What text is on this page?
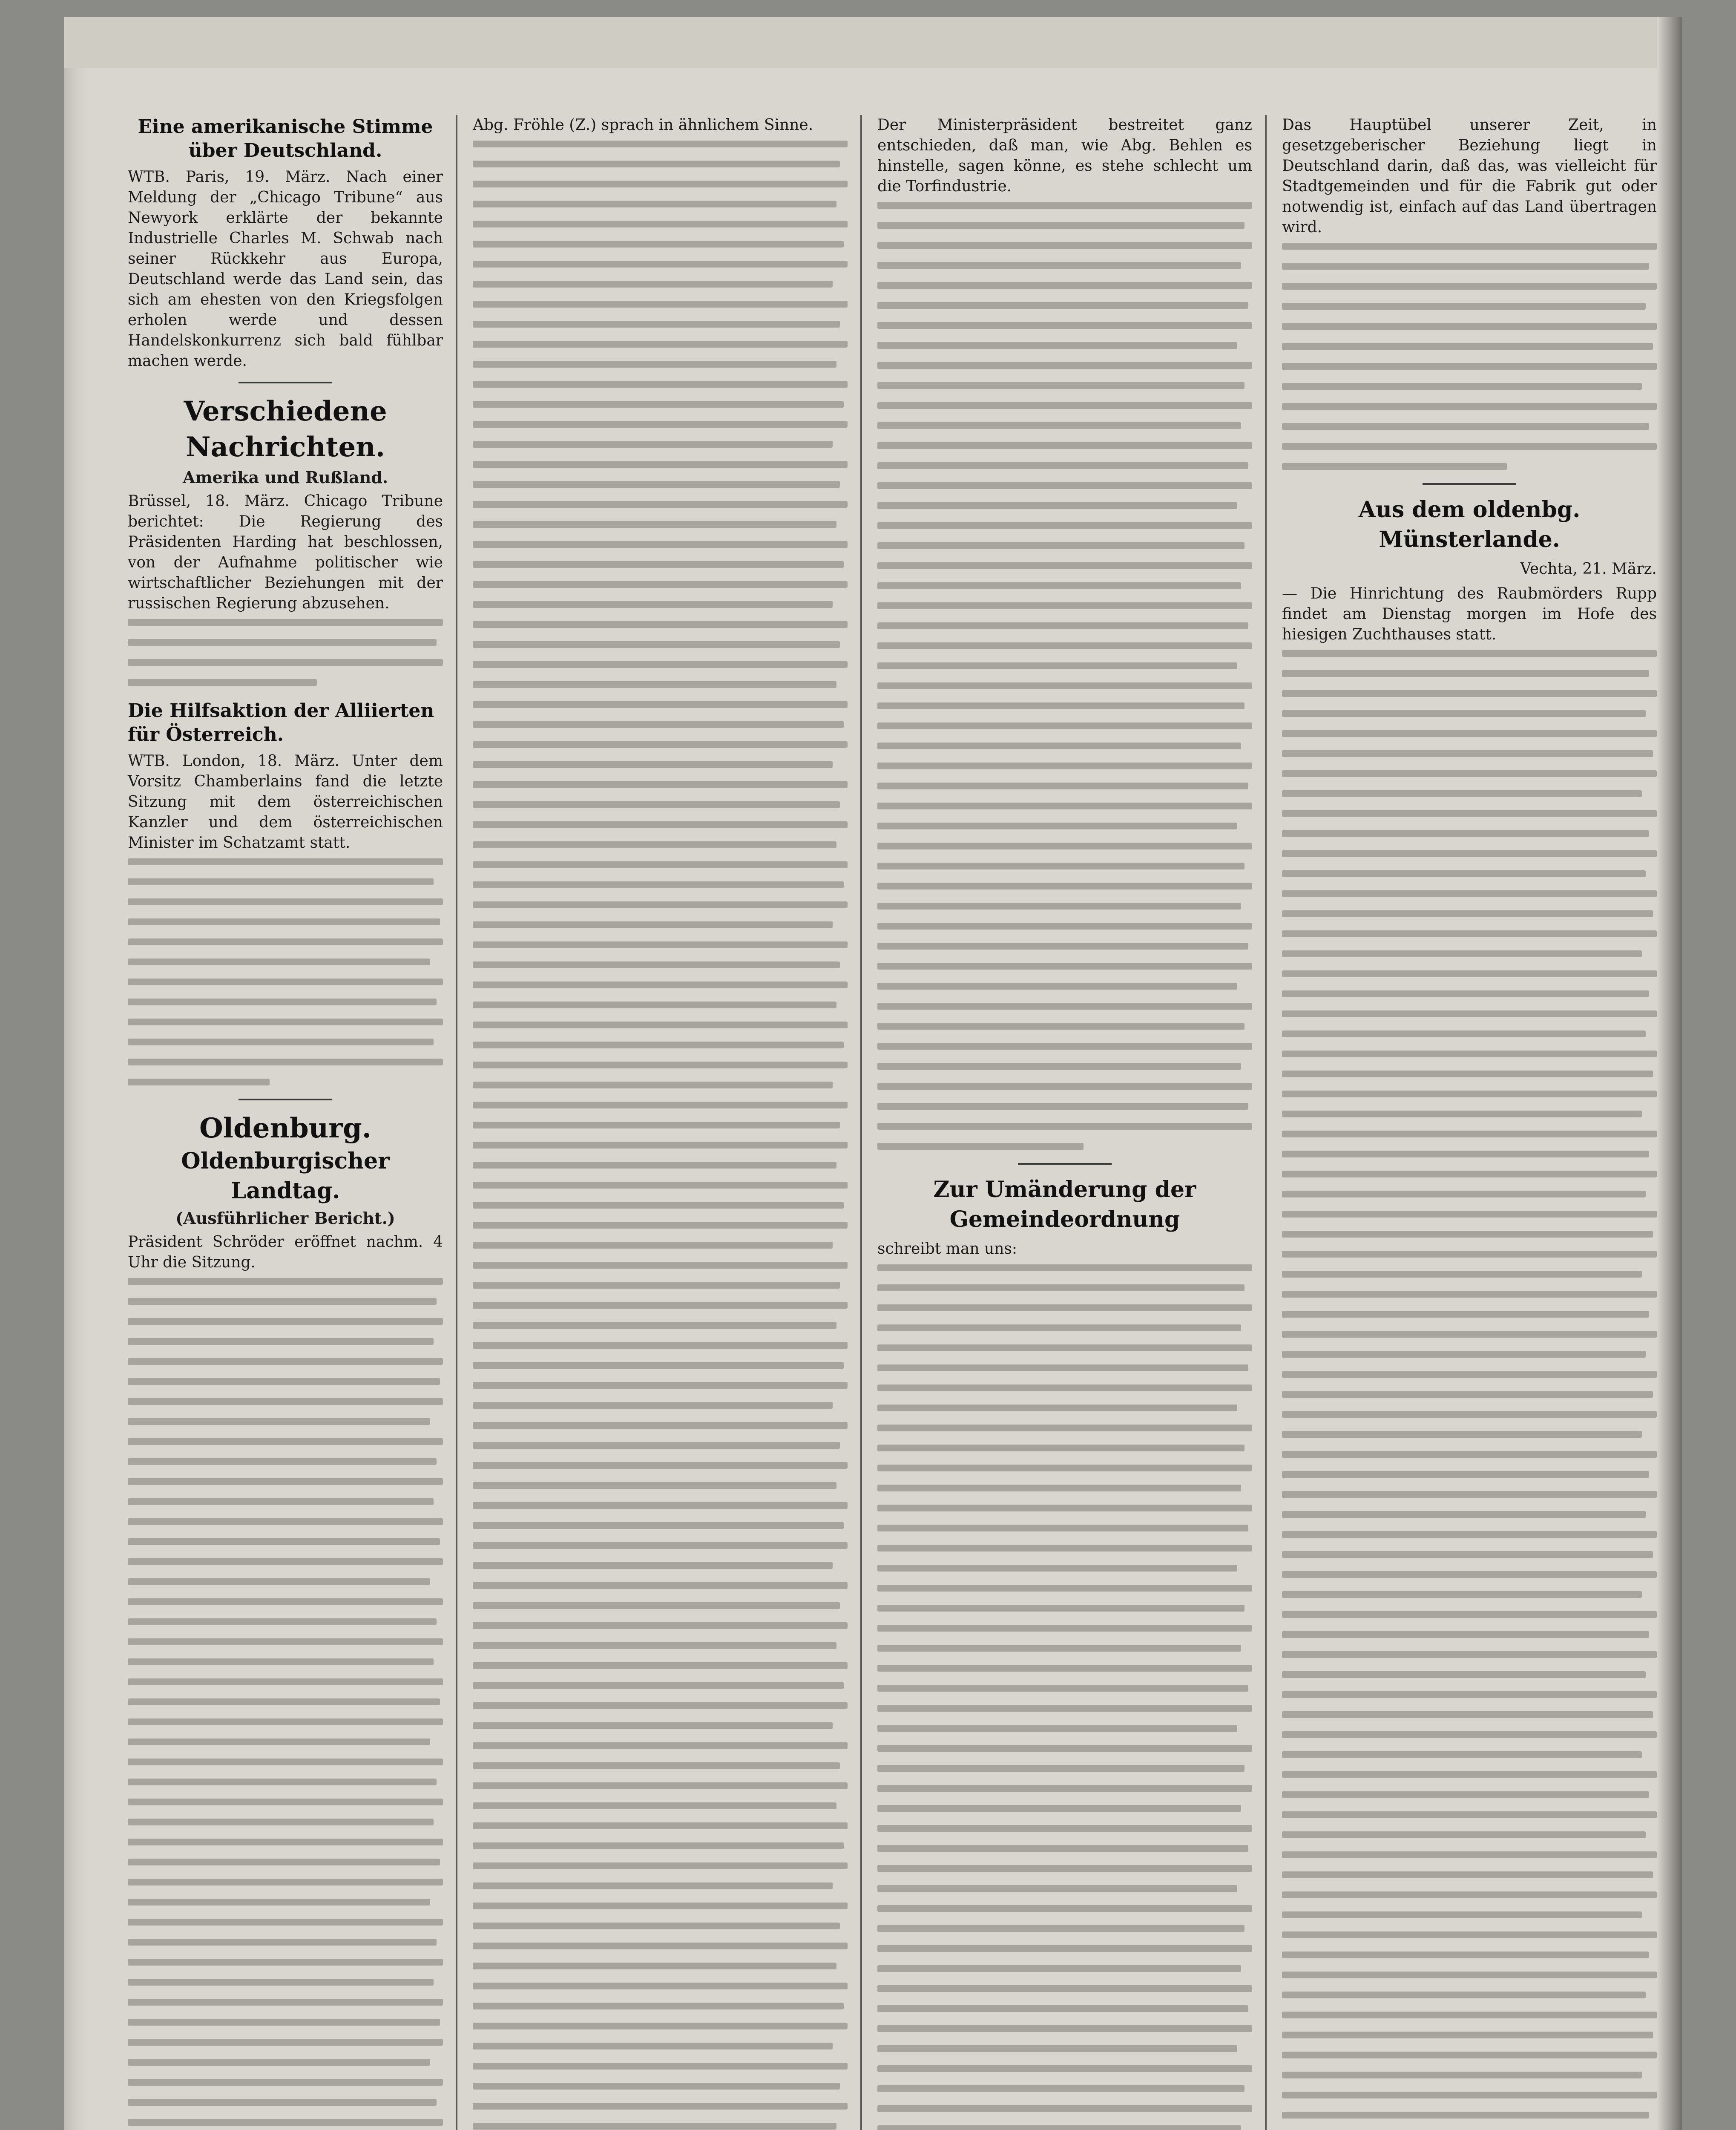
Eine amerikanische Stimme über Deutschland.
WTB. Paris, 19. März. Nach einer Meldung der „Chicago Tribune“ aus Newyork erklärte der bekannte Industrielle Charles M. Schwab nach seiner Rückkehr aus Europa, Deutschland werde das Land sein, das sich am ehesten von den Kriegsfolgen erholen werde und dessen Handelskonkurrenz sich bald fühlbar machen werde.
Verschiedene Nachrichten.
Amerika und Rußland.
Brüssel, 18. März. Chicago Tribune berichtet: Die Regierung des Präsidenten Harding hat beschlossen, von der Aufnahme politischer wie wirtschaftlicher Beziehungen mit der russischen Regierung abzusehen.
Die Hilfsaktion der Alliierten für Österreich.
WTB. London, 18. März. Unter dem Vorsitz Chamberlains fand die letzte Sitzung mit dem österreichischen Kanzler und dem österreichischen Minister im Schatzamt statt.
Oldenburg.
Oldenburgischer Landtag.
(Ausführlicher Bericht.)
Präsident Schröder eröffnet nachm. 4 Uhr die Sitzung.
Abg. Fröhle (Z.) sprach in ähnlichem Sinne.	Der Ministerpräsident bestreitet ganz entschieden, daß man, wie Abg. Behlen es hinstelle, sagen könne, es stehe schlecht um die Torfindustrie.
Zur Umänderung der Gemeindeordnung
schreibt man uns:
Das Hauptübel unserer Zeit, in gesetzgeberischer Beziehung liegt in Deutschland darin, daß das, was vielleicht für Stadtgemeinden und für die Fabrik gut oder notwendig ist, einfach auf das Land übertragen wird.
Aus dem oldenbg. Münsterlande.
Vechta, 21. März.
— Die Hinrichtung des Raubmörders Rupp findet am Dienstag morgen im Hofe des hiesigen Zuchthauses statt.
